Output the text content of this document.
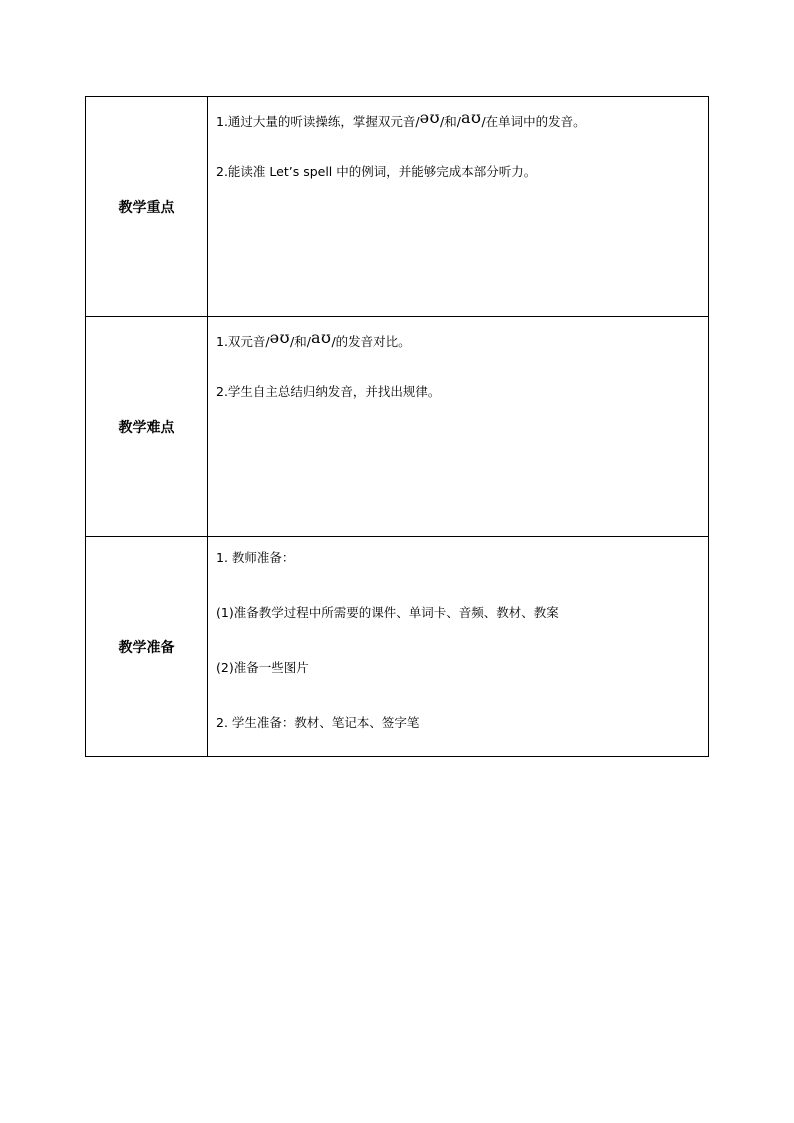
教学重点	1.通过大量的听读操练，掌握双元音/əʊ/和/aʊ/在单词中的发音。

2.能读准 Let’s spell 中的例词，并能够完成本部分听力。

教学难点	1.双元音/əʊ/和/aʊ/的发音对比。

2.学生自主总结归纳发音，并找出规律。

教学准备	1. 教师准备：

(1)准备教学过程中所需要的课件、单词卡、音频、教材、教案

(2)准备一些图片

2. 学生准备：教材、笔记本、签字笔
